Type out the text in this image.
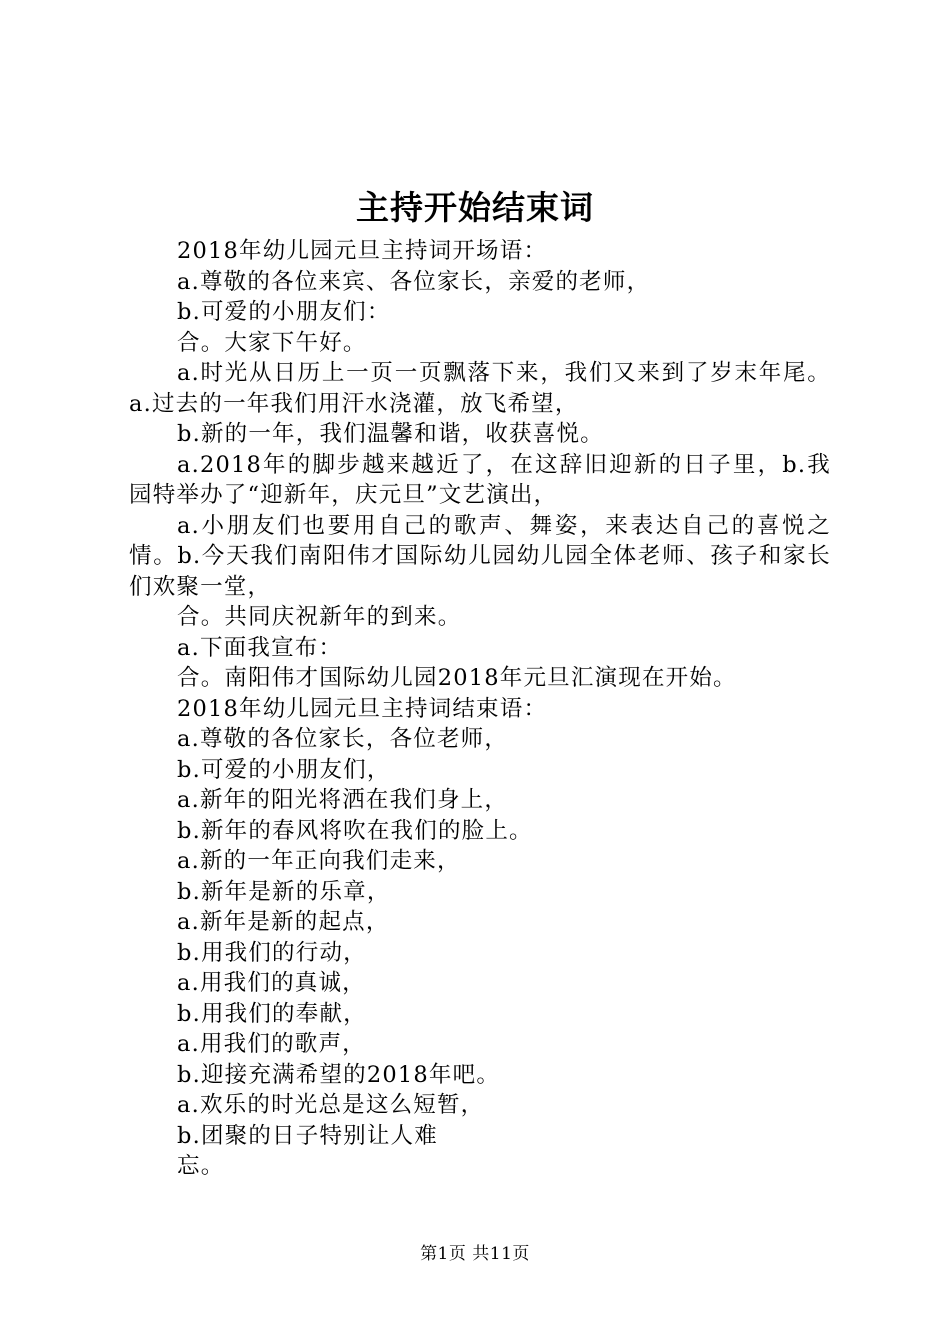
主持开始结束词

2018年幼儿园元旦主持词开场语：

a.尊敬的各位来宾、各位家长，亲爱的老师，

b.可爱的小朋友们：

合。大家下午好。

a.时光从日历上一页一页飘落下来，我们又来到了岁末年尾。a.过去的一年我们用汗水浇灌，放飞希望，

b.新的一年，我们温馨和谐，收获喜悦。

a.2018年的脚步越来越近了，在这辞旧迎新的日子里，b.我园特举办了“迎新年，庆元旦”文艺演出，

a.小朋友们也要用自己的歌声、舞姿，来表达自己的喜悦之情。b.今天我们南阳伟才国际幼儿园幼儿园全体老师、孩子和家长们欢聚一堂，

合。共同庆祝新年的到来。

a.下面我宣布：

合。南阳伟才国际幼儿园2018年元旦汇演现在开始。

2018年幼儿园元旦主持词结束语：

a.尊敬的各位家长，各位老师，

b.可爱的小朋友们，

a.新年的阳光将洒在我们身上，

b.新年的春风将吹在我们的脸上。

a.新的一年正向我们走来，

b.新年是新的乐章，

a.新年是新的起点，

b.用我们的行动，

a.用我们的真诚，

b.用我们的奉献，

a.用我们的歌声，

b.迎接充满希望的2018年吧。

a.欢乐的时光总是这么短暂，

b.团聚的日子特别让人难

忘。

第1页 共11页
